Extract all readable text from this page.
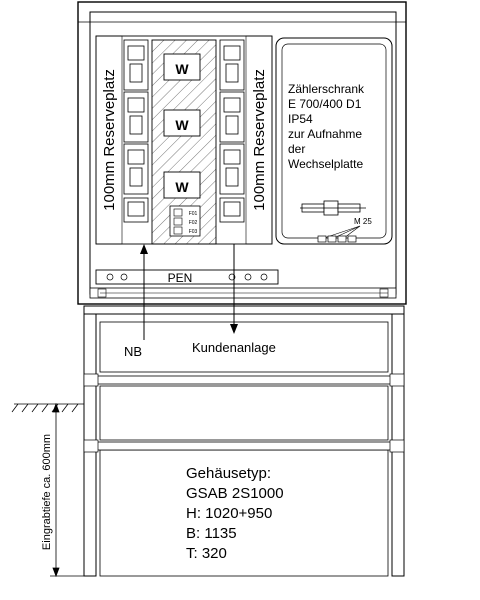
100mm Reserveplatz	100mm Reserveplatz
W
W
W
F01
F02
F03
Zählerschrank
E 700/400 D1
IP54
zur Aufnahme
der
Wechselplatte
M 25
PEN
NB	Kundenanlage
Gehäusetyp:
GSAB 2S1000
H: 1020+950
B: 1135
T: 320
Eingrabtiefe ca. 600mm
